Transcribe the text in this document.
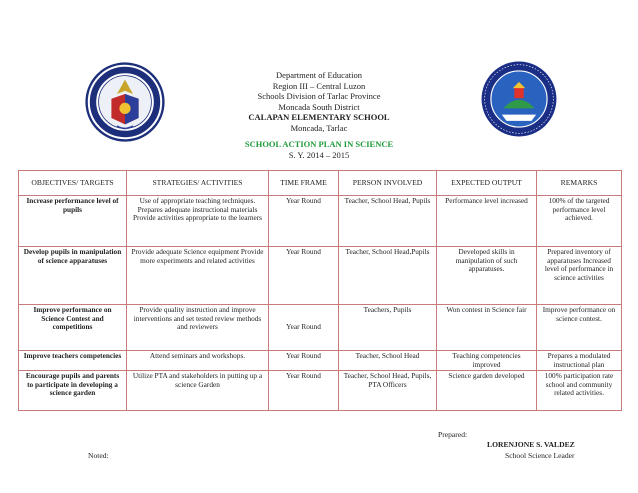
Department of Education
Region III – Central Luzon
Schools Division of Tarlac Province
Moncada South District
CALAPAN ELEMENTARY SCHOOL
Moncada, Tarlac
SCHOOL ACTION PLAN IN SCIENCE
S. Y. 2014 – 2015
OBJECTIVES/ TARGETS	STRATEGIES/ ACTIVITIES	TIME FRAME	PERSON INVOLVED	EXPECTED OUTPUT	REMARKS
Increase performance level of pupils	Use of appropriate teaching techniques. Prepares adequate instructional materials Provide activities appropriate to the learners	Year Round	Teacher, School Head, Pupils	Performance level increased	100% of the targeted performance level achieved.
Develop pupils in manipulation of science apparatuses	Provide adequate Science equipment Provide more experiments and related activities	Year Round	Teacher, School Head,Pupils	Developed skills in manipulation of such apparatuses.	Prepared inventory of apparatuses Increased level of performance in science activities
Improve performance on Science Contest and competitions	Provide quality instruction and improve interventions and set tested review methods and reviewers	Year Round	Teachers, Pupils	Won contest in Science fair	Improve performance on science contest.
Improve teachers competencies	Attend seminars and workshops.	Year Round	Teacher, School Head	Teaching competencies improved	Prepares a modulated instructional plan
Encourage pupils and parents to participate in developing a science garden	Utilize PTA and stakeholders in putting up a science Garden	Year Round	Teacher, School Head, Pupils, PTA Officers	Science garden developed	100% participation rate school and community related activities.
Prepared:
LORENJONE S. VALDEZ
School Science Leader
Noted:
